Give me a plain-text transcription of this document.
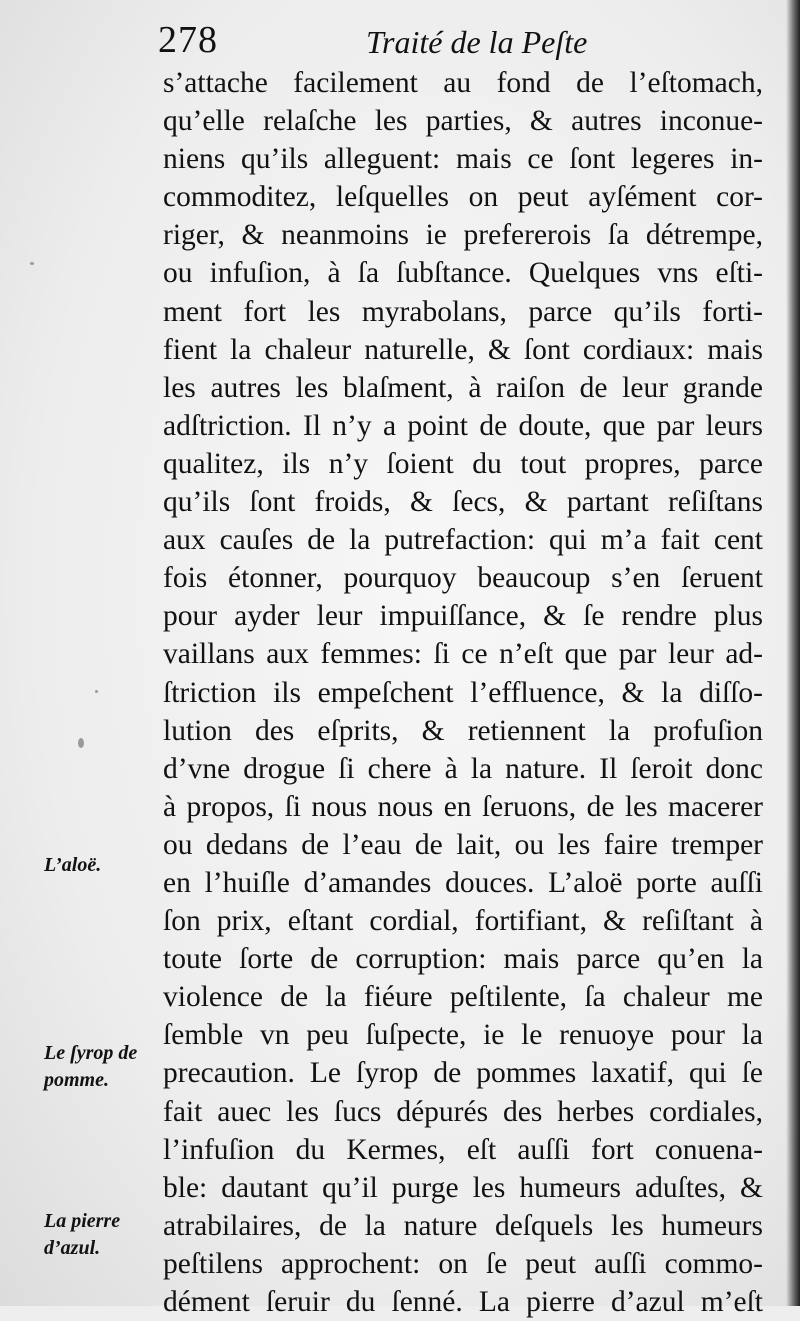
278	Traité de la Peſte
s’attache facilement au fond de l’eſtomach,
qu’elle relaſche les parties, & autres inconue-
niens qu’ils alleguent: mais ce ſont legeres in-
commoditez, leſquelles on peut ayſément cor-
riger, & neanmoins ie prefererois ſa détrempe,
ou infuſion, à ſa ſubſtance. Quelques vns eſti-
ment fort les myrabolans, parce qu’ils forti-
fient la chaleur naturelle, & ſont cordiaux: mais
les autres les blaſment, à raiſon de leur grande
adſtriction. Il n’y a point de doute, que par leurs
qualitez, ils n’y ſoient du tout propres, parce
qu’ils ſont froids, & ſecs, & partant reſiſtans
aux cauſes de la putrefaction: qui m’a fait cent
fois étonner, pourquoy beaucoup s’en ſeruent
pour ayder leur impuiſſance, & ſe rendre plus
vaillans aux femmes: ſi ce n’eſt que par leur ad-
ſtriction ils empeſchent l’effluence, & la diſſo-
lution des eſprits, & retiennent la profuſion
d’vne drogue ſi chere à la nature. Il ſeroit donc
à propos, ſi nous nous en ſeruons, de les macerer
ou dedans de l’eau de lait, ou les faire tremper
en l’huiſle d’amandes douces. L’aloë porte auſſi
ſon prix, eſtant cordial, fortifiant, & reſiſtant à
toute ſorte de corruption: mais parce qu’en la
violence de la fiéure peſtilente, ſa chaleur me
ſemble vn peu ſuſpecte, ie le renuoye pour la
precaution. Le ſyrop de pommes laxatif, qui ſe
fait auec les ſucs dépurés des herbes cordiales,
l’infuſion du Kermes, eſt auſſi fort conuena-
ble: dautant qu’il purge les humeurs aduſtes, &
atrabilaires, de la nature deſquels les humeurs
peſtilens approchent: on ſe peut auſſi commo-
dément ſeruir du ſenné. La pierre d’azul m’eſt
L’aloë.
Le ſyrop de
pomme.
La pierre
d’azul.
